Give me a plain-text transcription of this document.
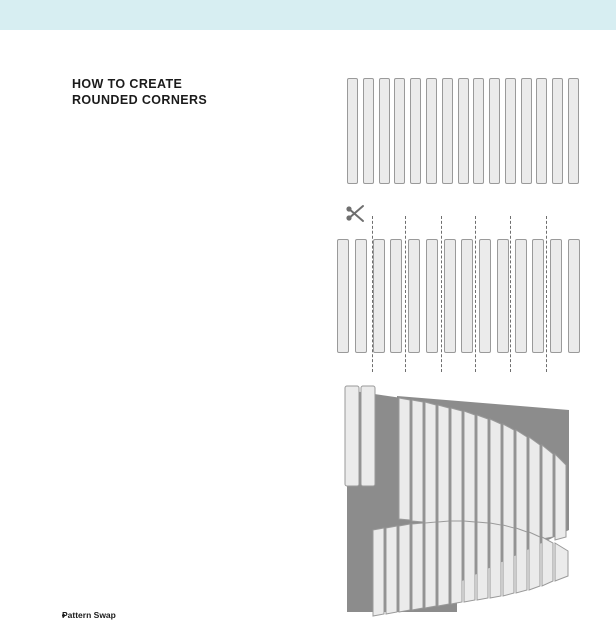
HOW TO CREATE
ROUNDED CORNERS
Pattern Swap
